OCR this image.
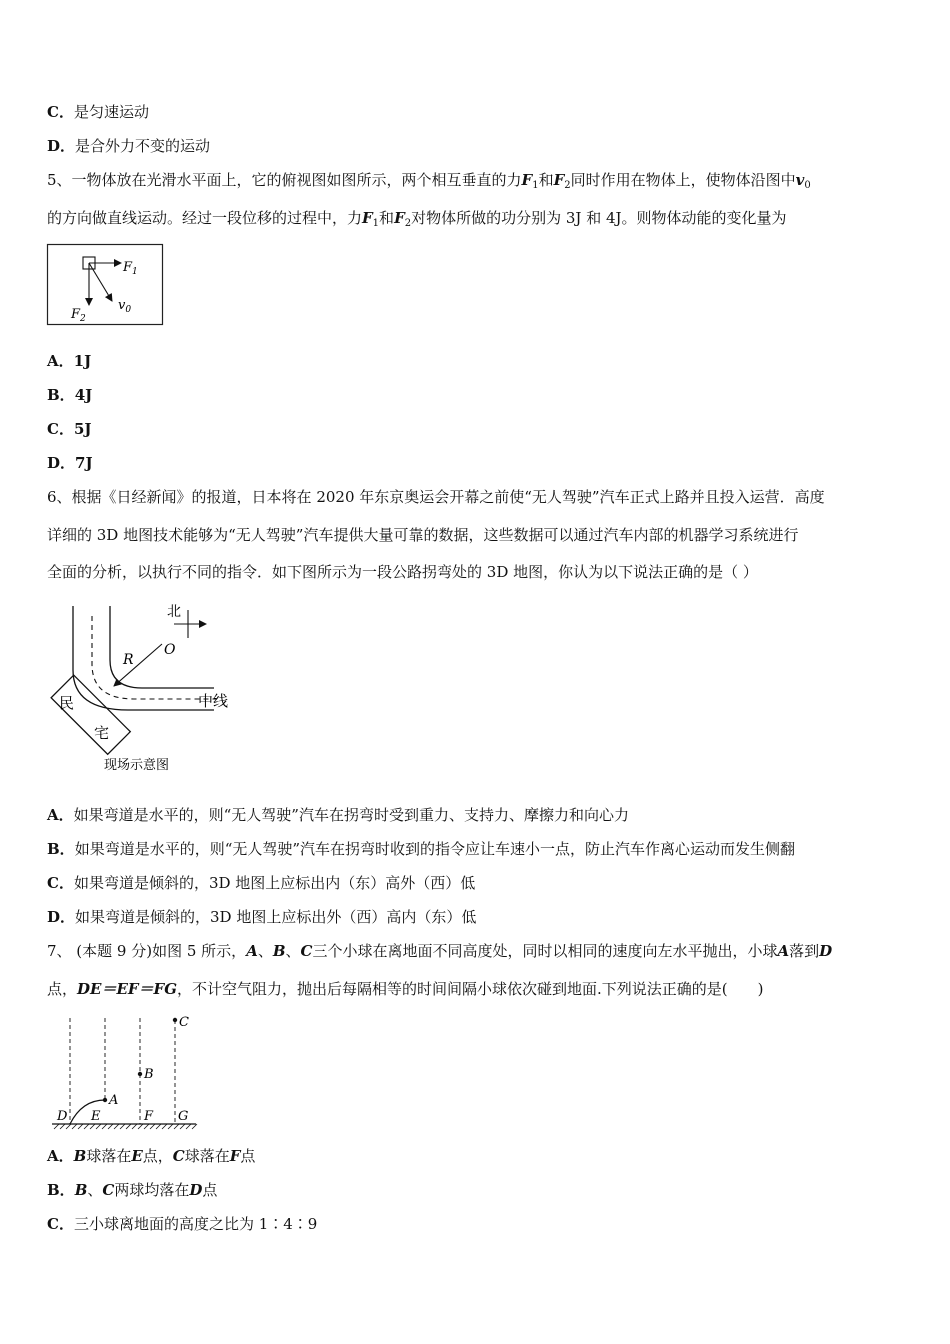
C．是匀速运动
D．是合外力不变的运动
5、一物体放在光滑水平面上，它的俯视图如图所示，两个相互垂直的力$F_1$和$F_2$同时作用在物体上，使物体沿图中$v_0$
的方向做直线运动。经过一段位移的过程中，力$F_1$和$F_2$对物体所做的功分别为 3J 和 4J。则物体动能的变化量为
$F_1$
$F_2$
$v_0$
A．1J
B．4J
C．5J
D．7J
6、根据《日经新闻》的报道，日本将在 2020 年东京奥运会开幕之前使“无人驾驶”汽车正式上路并且投入运营．高度
详细的 3D 地图技术能够为“无人驾驶”汽车提供大量可靠的数据，这些数据可以通过汽车内部的机器学习系统进行
全面的分析，以执行不同的指令．如下图所示为一段公路拐弯处的 3D 地图，你认为以下说法正确的是（ ）
北
O
R
中线
民
宅
现场示意图
A．如果弯道是水平的，则“无人驾驶”汽车在拐弯时受到重力、支持力、摩擦力和向心力
B．如果弯道是水平的，则“无人驾驶”汽车在拐弯时收到的指令应让车速小一点，防止汽车作离心运动而发生侧翻
C．如果弯道是倾斜的，3D 地图上应标出内（东）高外（西）低
D．如果弯道是倾斜的，3D 地图上应标出外（西）高内（东）低
7、 (本题 9 分)如图 5 所示，A、B、C三个小球在离地面不同高度处，同时以相同的速度向左水平抛出，小球A落到D
点，DE＝EF＝FG，不计空气阻力，抛出后每隔相等的时间间隔小球依次碰到地面.下列说法正确的是(　　)
A
B
C
D E	F G
A．B球落在E点，C球落在F点
B．B、C两球均落在D点
C．三小球离地面的高度之比为 1∶4∶9
